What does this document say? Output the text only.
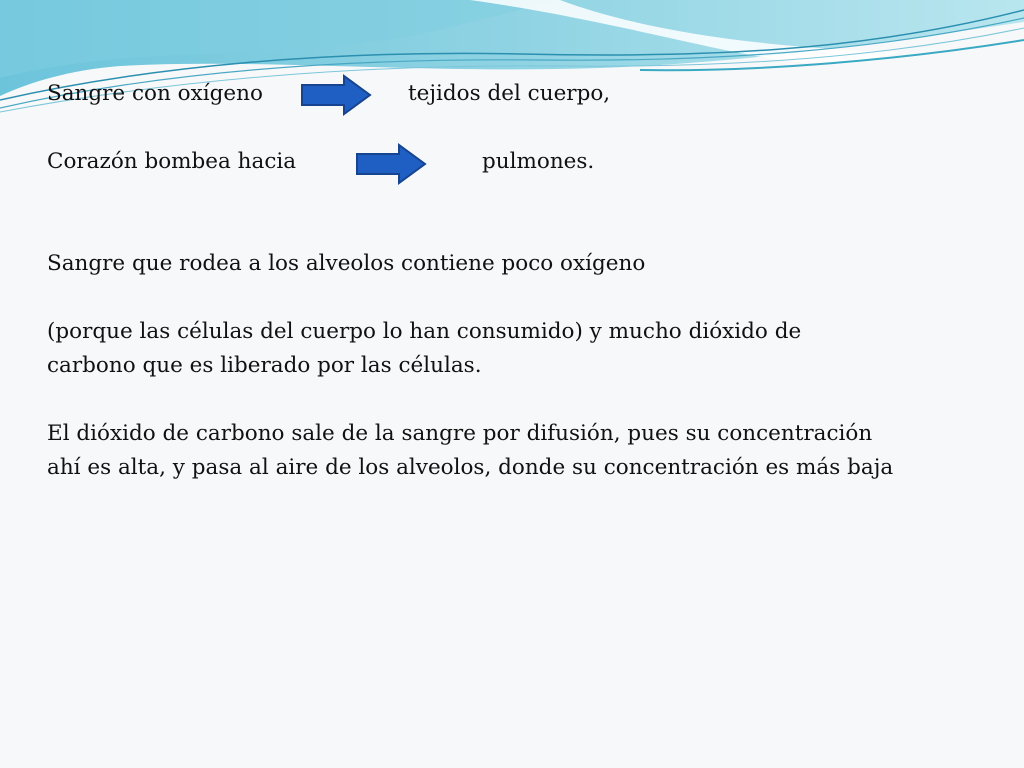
Sangre con oxígeno	tejidos del cuerpo,
Corazón bombea hacia	pulmones.
Sangre que rodea a los alveolos contiene poco oxígeno
(porque las células del cuerpo lo han consumido) y mucho dióxido de
carbono que es liberado por las células.
El dióxido de carbono sale de la sangre por difusión, pues su concentración
ahí es alta, y pasa al aire de los alveolos, donde su concentración es más baja
